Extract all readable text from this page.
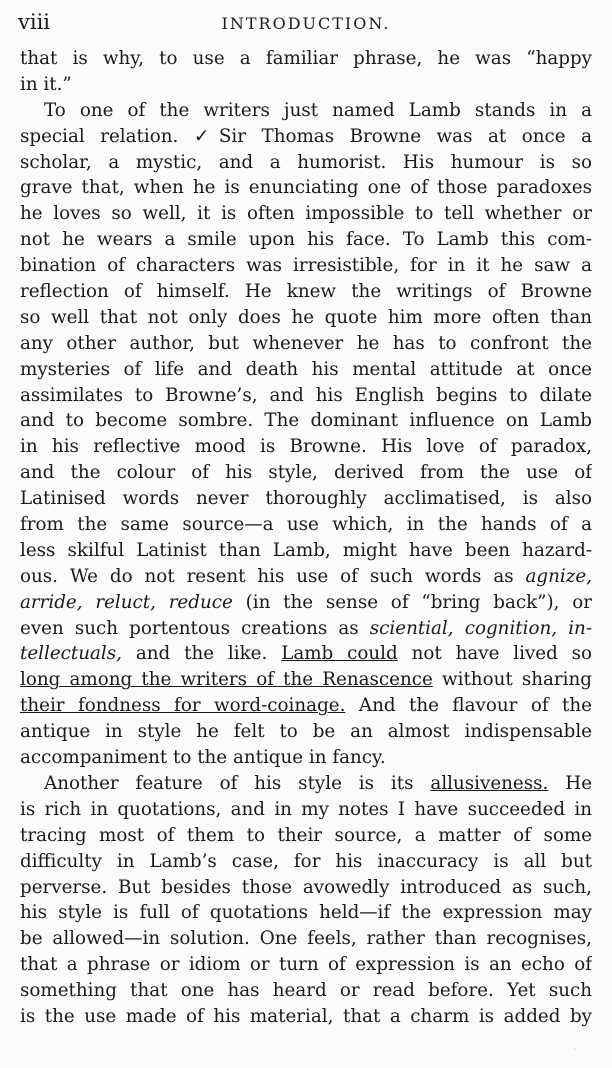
viii	INTRODUCTION.
that is why, to use a familiar phrase, he was “happy
in it.”
To one of the writers just named Lamb stands in a
special relation. ✓Sir Thomas Browne was at once a
scholar, a mystic, and a humorist. His humour is so
grave that, when he is enunciating one of those paradoxes
he loves so well, it is often impossible to tell whether or
not he wears a smile upon his face. To Lamb this com-
bination of characters was irresistible, for in it he saw a
reflection of himself. He knew the writings of Browne
so well that not only does he quote him more often than
any other author, but whenever he has to confront the
mysteries of life and death his mental attitude at once
assimilates to Browne’s, and his English begins to dilate
and to become sombre. The dominant influence on Lamb
in his reflective mood is Browne. His love of paradox,
and the colour of his style, derived from the use of
Latinised words never thoroughly acclimatised, is also
from the same source—a use which, in the hands of a
less skilful Latinist than Lamb, might have been hazard-
ous. We do not resent his use of such words as agnize,
arride, reluct, reduce (in the sense of “bring back”), or
even such portentous creations as sciential, cognition, in-
tellectuals, and the like. Lamb could not have lived so
long among the writers of the Renascence without sharing
their fondness for word-coinage. And the flavour of the
antique in style he felt to be an almost indispensable
accompaniment to the antique in fancy.
Another feature of his style is its allusiveness. He
is rich in quotations, and in my notes I have succeeded in
tracing most of them to their source, a matter of some
difficulty in Lamb’s case, for his inaccuracy is all but
perverse. But besides those avowedly introduced as such,
his style is full of quotations held—if the expression may
be allowed—in solution. One feels, rather than recognises,
that a phrase or idiom or turn of expression is an echo of
something that one has heard or read before. Yet such
is the use made of his material, that a charm is added by
·
